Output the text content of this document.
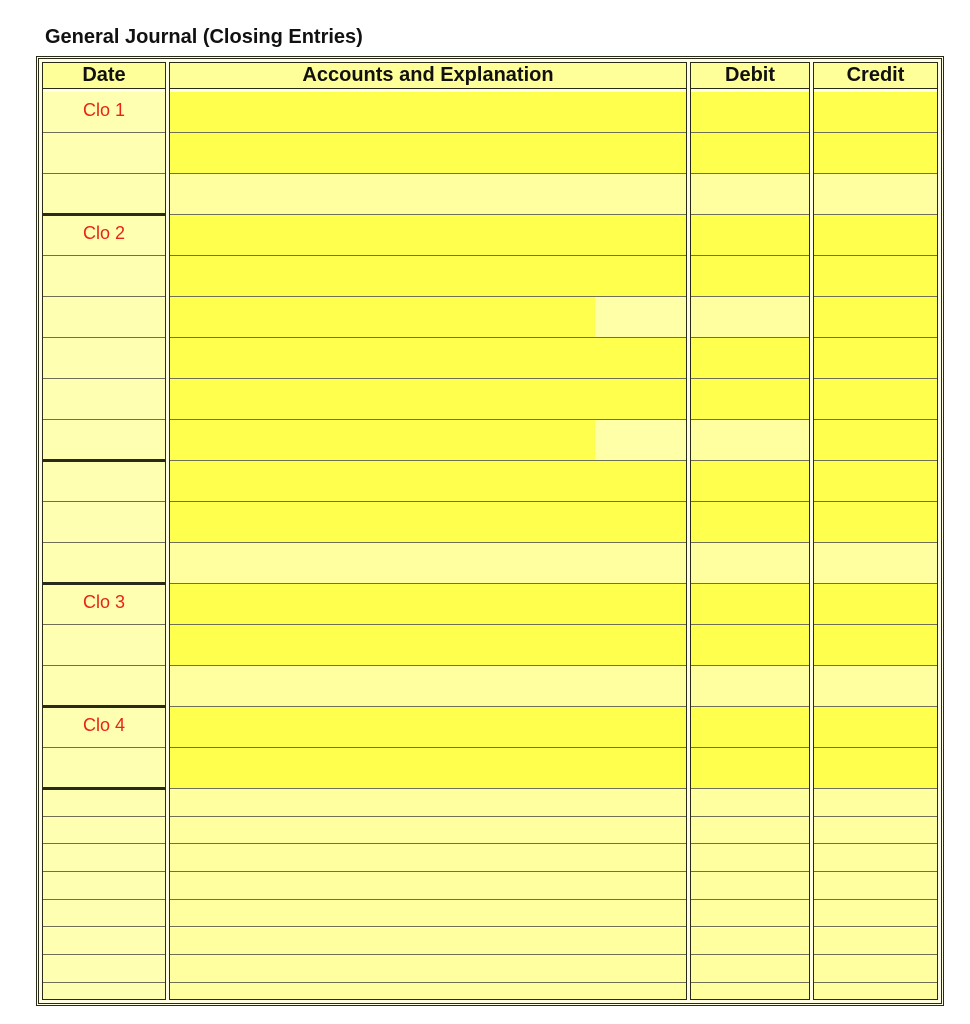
General Journal (Closing Entries)
Date
Clo 1
Clo 2
Clo 3
Clo 4
Accounts and Explanation	Debit	Credit
